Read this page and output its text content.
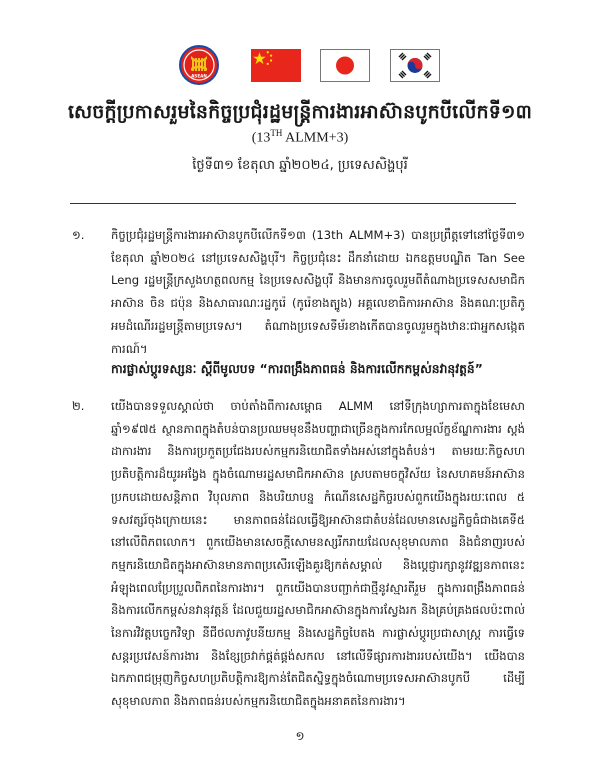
ASEAN
សេចក្តីប្រកាសរួមនៃកិច្ចប្រជុំរដ្ឋមន្ត្រីការងារអាស៊ានបូកបីលើកទី១៣
(13TH ALMM+3)
ថ្ងៃទី៣១ ខែតុលា ឆ្នាំ២០២៤, ប្រទេសសិង្ហបុរី
១. កិច្ចប្រជុំរដ្ឋមន្ត្រីការងារអាស៊ានបូកបីលើកទី១៣ (13th ALMM+3) បានប្រព្រឹត្តទៅនៅថ្ងៃទី៣១ ខែតុលា ឆ្នាំ២០២៤ នៅប្រទេសសិង្ហបុរី។ កិច្ចប្រជុំនេះ ដឹកនាំដោយ ឯកឧត្តមបណ្ឌិត Tan See Leng រដ្ឋមន្ត្រីក្រសួងហត្ថពលកម្ម នៃប្រទេសសិង្ហបុរី និងមានការចូលរួមពីតំណាងប្រទេសសមាជិកអាស៊ាន ចិន ជប៉ុន និងសាធារណៈរដ្ឋកូរ៉េ (កូរ៉េខាងត្បូង) អគ្គលេខាធិការអាស៊ាន និងគណៈប្រតិភូអមដំណើររដ្ឋមន្ត្រីតាមប្រទេស។ តំណាងប្រទេសទីម័រខាងកើតបានចូលរួមក្នុងឋានៈជាអ្នកសង្កេតការណ៍។
ការផ្លាស់ប្តូរទស្សនៈ ស្តីពីមូលបទ “ការពង្រឹងភាពធន់ និងការលើកកម្ពស់នវានុវត្តន៍”
២. យើងបានទទួលស្គាល់ថា ចាប់តាំងពីការសម្ពោធ ALMM នៅទីក្រុងហ្សាការតាក្នុងខែមេសា ឆ្នាំ១៩៧៥ ស្ថានភាពក្នុងតំបន់បានប្រឈមមុខនឹងបញ្ហាជាច្រើនក្នុងការកែលម្អល័ក្ខខ័ណ្ឌការងារ ស្តង់ដាការងារ និងការប្រកួតប្រជែងរបស់កម្មករនិយោជិតទាំងអស់នៅក្នុងតំបន់។ តាមរយៈកិច្ចសហប្រតិបត្តិការដ៏យូរអង្វែង ក្នុងចំណោមរដ្ឋសមាជិកអាស៊ាន ស្របតាមចក្ខុវិស័យ នៃសហគមន៍អាស៊ានប្រកបដោយសន្តិភាព វិបុលភាព និងបរិយាបន្ន កំណើនសេដ្ឋកិច្ចរបស់ពួកយើងក្នុងរយៈពេល ៥ ទសវត្សរ៍ចុងក្រោយនេះ មានភាពធន់ដែលធ្វើឱ្យអាស៊ានជាតំបន់ដែលមានសេដ្ឋកិច្ចធំជាងគេទី៥ នៅលើពិភពលោក។ ពួកយើងមានសេចក្តីសោមនស្សរីករាយដែលសុខុមាលភាព និងជំនាញរបស់កម្មករនិយោជិតក្នុងអាស៊ានមានភាពប្រសើរឡើងគួរឱ្យកត់សម្គាល់ និងប្តេជ្ញារក្សានូវវឌ្ឍនភាពនេះ អំឡុងពេលប្រែប្រួលពិភពនៃការងារ។ ពួកយើងបានបញ្ជាក់ជាថ្មីនូវស្មារតីរួម ក្នុងការពង្រឹងភាពធន់ និងការលើកកម្ពស់នវានុវត្តន៍ ដែលជួយរដ្ឋសមាជិកអាស៊ានក្នុងការស្វែងរក និងគ្រប់គ្រងផលប៉ះពាល់នៃការវិវត្តបច្ចេកវិទ្យា នីជីថលភាវូបនីយកម្ម និងសេដ្ឋកិច្ចបៃតង ការផ្លាស់ប្តូរប្រជាសាស្ត្រ ការធ្វើទេសន្តរប្រវេសន៍ការងារ និងខ្សែច្រវាក់ផ្គត់ផ្គង់សកល នៅលើទីផ្សារការងាររបស់យើង។ យើងបានឯកភាពជម្រុញកិច្ចសហប្រតិបត្តិការឱ្យកាន់តែជិតស្និទ្ធក្នុងចំណោមប្រទេសអាស៊ានបូកបី ដើម្បីសុខុមាលភាព និងភាពធន់របស់កម្មករនិយោជិតក្នុងអនាគតនៃការងារ។
១
